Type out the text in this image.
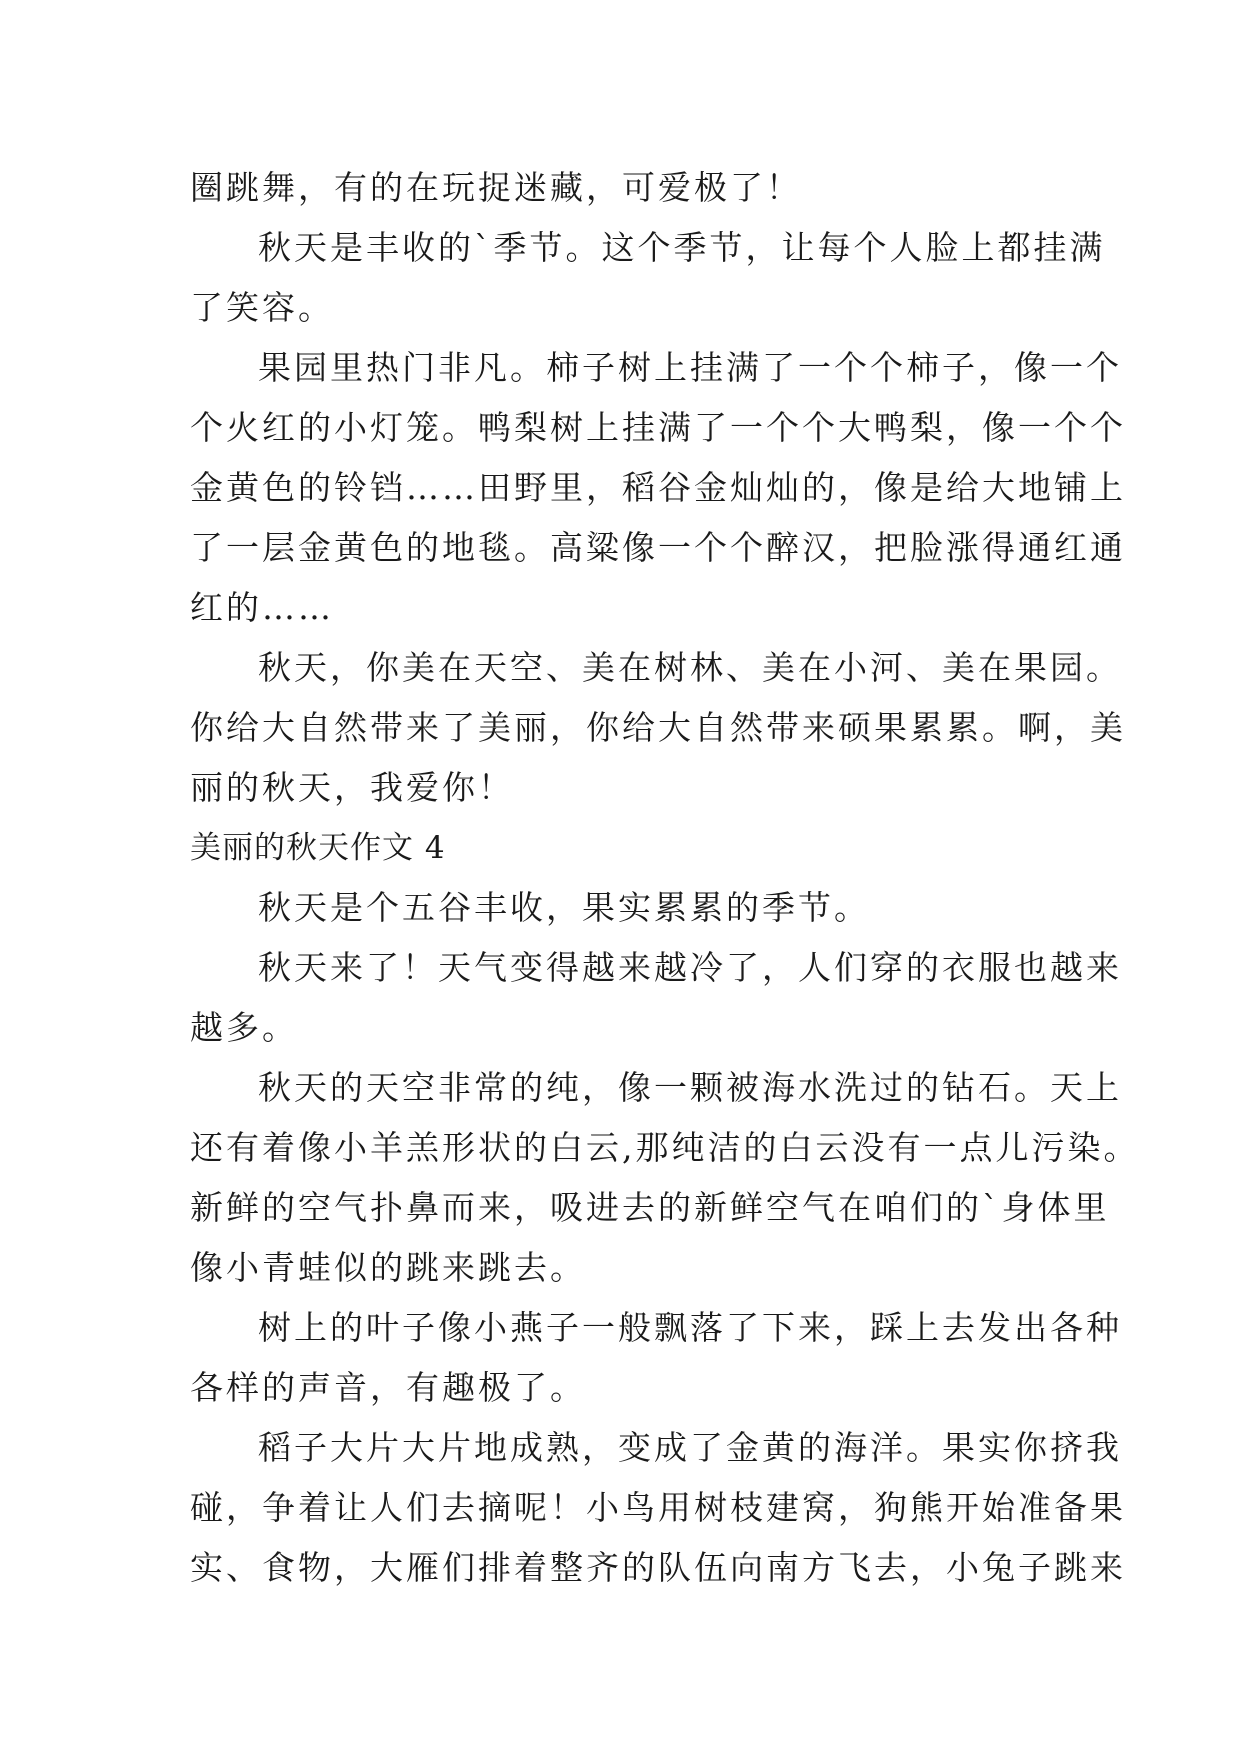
圈跳舞，有的在玩捉迷藏，可爱极了！
秋天是丰收的`季节。这个季节，让每个人脸上都挂满
了笑容。
果园里热门非凡。柿子树上挂满了一个个柿子，像一个
个火红的小灯笼。鸭梨树上挂满了一个个大鸭梨，像一个个
金黄色的铃铛……田野里，稻谷金灿灿的，像是给大地铺上
了一层金黄色的地毯。高粱像一个个醉汉，把脸涨得通红通
红的……
秋天，你美在天空、美在树林、美在小河、美在果园。
你给大自然带来了美丽，你给大自然带来硕果累累。啊，美
丽的秋天，我爱你！
美丽的秋天作文 4
秋天是个五谷丰收，果实累累的季节。
秋天来了！天气变得越来越冷了，人们穿的衣服也越来
越多。
秋天的天空非常的纯，像一颗被海水洗过的钻石。天上
还有着像小羊羔形状的白云,那纯洁的白云没有一点儿污染。
新鲜的空气扑鼻而来，吸进去的新鲜空气在咱们的`身体里
像小青蛙似的跳来跳去。
树上的叶子像小燕子一般飘落了下来，踩上去发出各种
各样的声音，有趣极了。
稻子大片大片地成熟，变成了金黄的海洋。果实你挤我
碰，争着让人们去摘呢！小鸟用树枝建窝，狗熊开始准备果
实、食物，大雁们排着整齐的队伍向南方飞去，小兔子跳来
